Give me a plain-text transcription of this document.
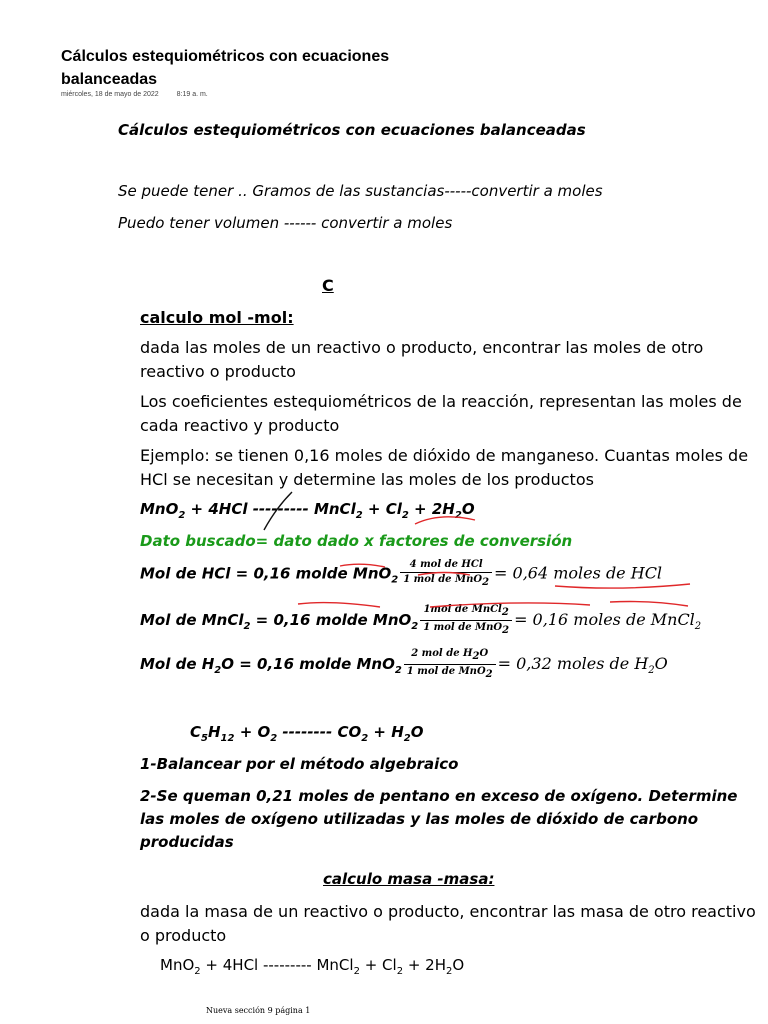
Cálculos estequiométricos con ecuaciones balanceadas
miércoles, 18 de mayo de 2022	8:19 a. m.
Cálculos estequiométricos con ecuaciones balanceadas
Se puede tener .. Gramos de las sustancias-----convertir a moles
Puedo tener volumen ------ convertir a moles
C
calculo mol -mol:
dada las moles de un reactivo o producto, encontrar las moles de otro reactivo o producto
Los coeficientes estequiométricos de la reacción, representan las moles de cada reactivo y producto
Ejemplo: se tienen 0,16 moles de dióxido de manganeso. Cuantas moles de HCl se necesitan y determine las moles de los productos
MnO$_2$ + 4HCl --------- MnCl$_2$ + $Cl_2 + 2H_2O$
Dato buscado= dato dado x factores de conversión
Mol de HCl = 0,16 molde $MnO_2 \frac{\text{4 mol de HCl}}{1 mol de MnO_2} = 0,64$ moles de HCl
Mol de MnCl$_2$ = 0,16 molde $MnO_2 \frac{1mol de MnCl_2}{1 mol de MnO_2} = 0,16$ moles de MnCl$_2$
Mol de $H_2O = 0,16$ molde $MnO_2 \frac{2 mol de H_2O}{1 mol de MnO_2} = 0,32$ moles de $H_2O$
$C_5H_{12} + O_2$ -------- $CO_2 + H_2O$
1-Balancear por el método algebraico
2-Se queman 0,21 moles de pentano en exceso de oxígeno. Determine las moles de oxígeno utilizadas y las moles de dióxido de carbono producidas
calculo masa -masa:
dada la masa de un reactivo o producto, encontrar las masa de otro reactivo o producto
MnO$_2$ + 4HCl --------- MnCl$_2$ + $Cl_2 + 2H_2O$
Nueva sección 9 página 1
